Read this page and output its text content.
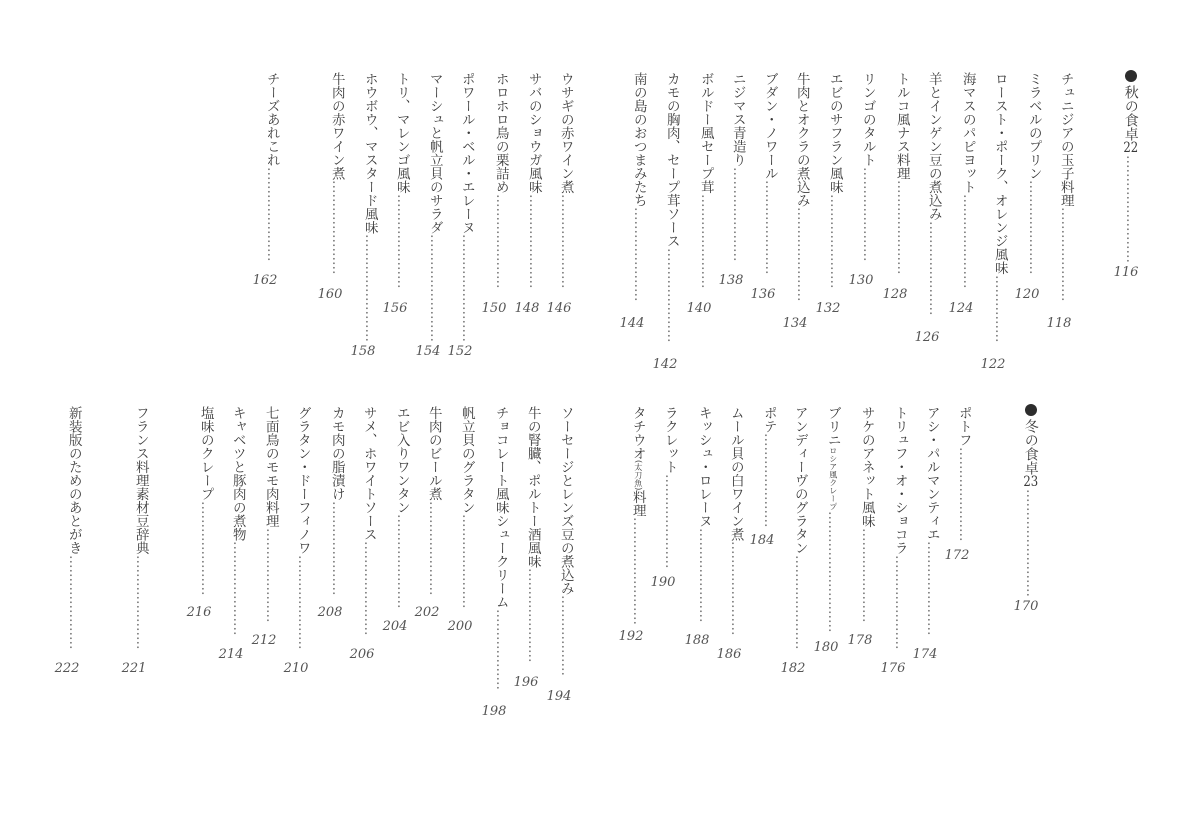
秋の食卓22……………………
116
チュニジアの玉子料理…………………
118
ミラベルのプリン…………………
120
ロースト・ポーク、オレンジ風味……………
122
海マスのパピヨット…………………
124
羊とインゲン豆の煮込み…………………
126
トルコ風ナス料理…………………
128
リンゴのタルト…………………
130
エビのサフラン風味…………………
132
牛肉とオクラの煮込み…………………
134
ブダン・ノワール…………………
136
ニジマス青造り…………………
138
ボルドー風セープ茸…………………
140
カモの胸肉、セープ茸ソース…………………
142
南の島のおつまみたち…………………
144
ウサギの赤ワイン煮…………………
146
サバのショウガ風味…………………
148
ホロホロ鳥の栗詰め…………………
150
ポワール・ベル・エレーヌ……………………
152
マーシュと帆立貝のサラダ……………………
154
トリ、マレンゴ風味…………………
156
ホウボウ、マスタード風味……………………
158
牛肉の赤ワイン煮…………………
160
チーズあれこれ…………………
162
冬の食卓23……………………
170
ポトフ…………………
172
アシ・パルマンティエ…………………
174
トリュフ・オ・ショコラ…………………
176
サケのアネット風味…………………
178
ブリニロシア風クレープ………………………
180
アンディーヴのグラタン…………………
182
ポテ…………………
184
ムール貝の白ワイン煮…………………
186
キッシュ・ロレーヌ…………………
188
ラクレット…………………
190
タチウオ(太刀魚)料理……………………
192
ソーセージとレンズ豆の煮込み………………
194
牛の腎臓、ポルトー酒風味…………………
196
チョコレート風味シュークリーム………………
198
帆立貝のグラタン…………………
200
牛肉のビール煮…………………
202
エビ入りワンタン…………………
204
サメ、ホワイトソース…………………
206
カモ肉の脂漬け…………………
208
グラタン・ドーフィノワ…………………
210
七面鳥のモモ肉料理…………………
212
キャベツと豚肉の煮物…………………
214
塩味のクレープ…………………
216
フランス料理素材豆辞典…………………
221
新装版のためのあとがき…………………
222
